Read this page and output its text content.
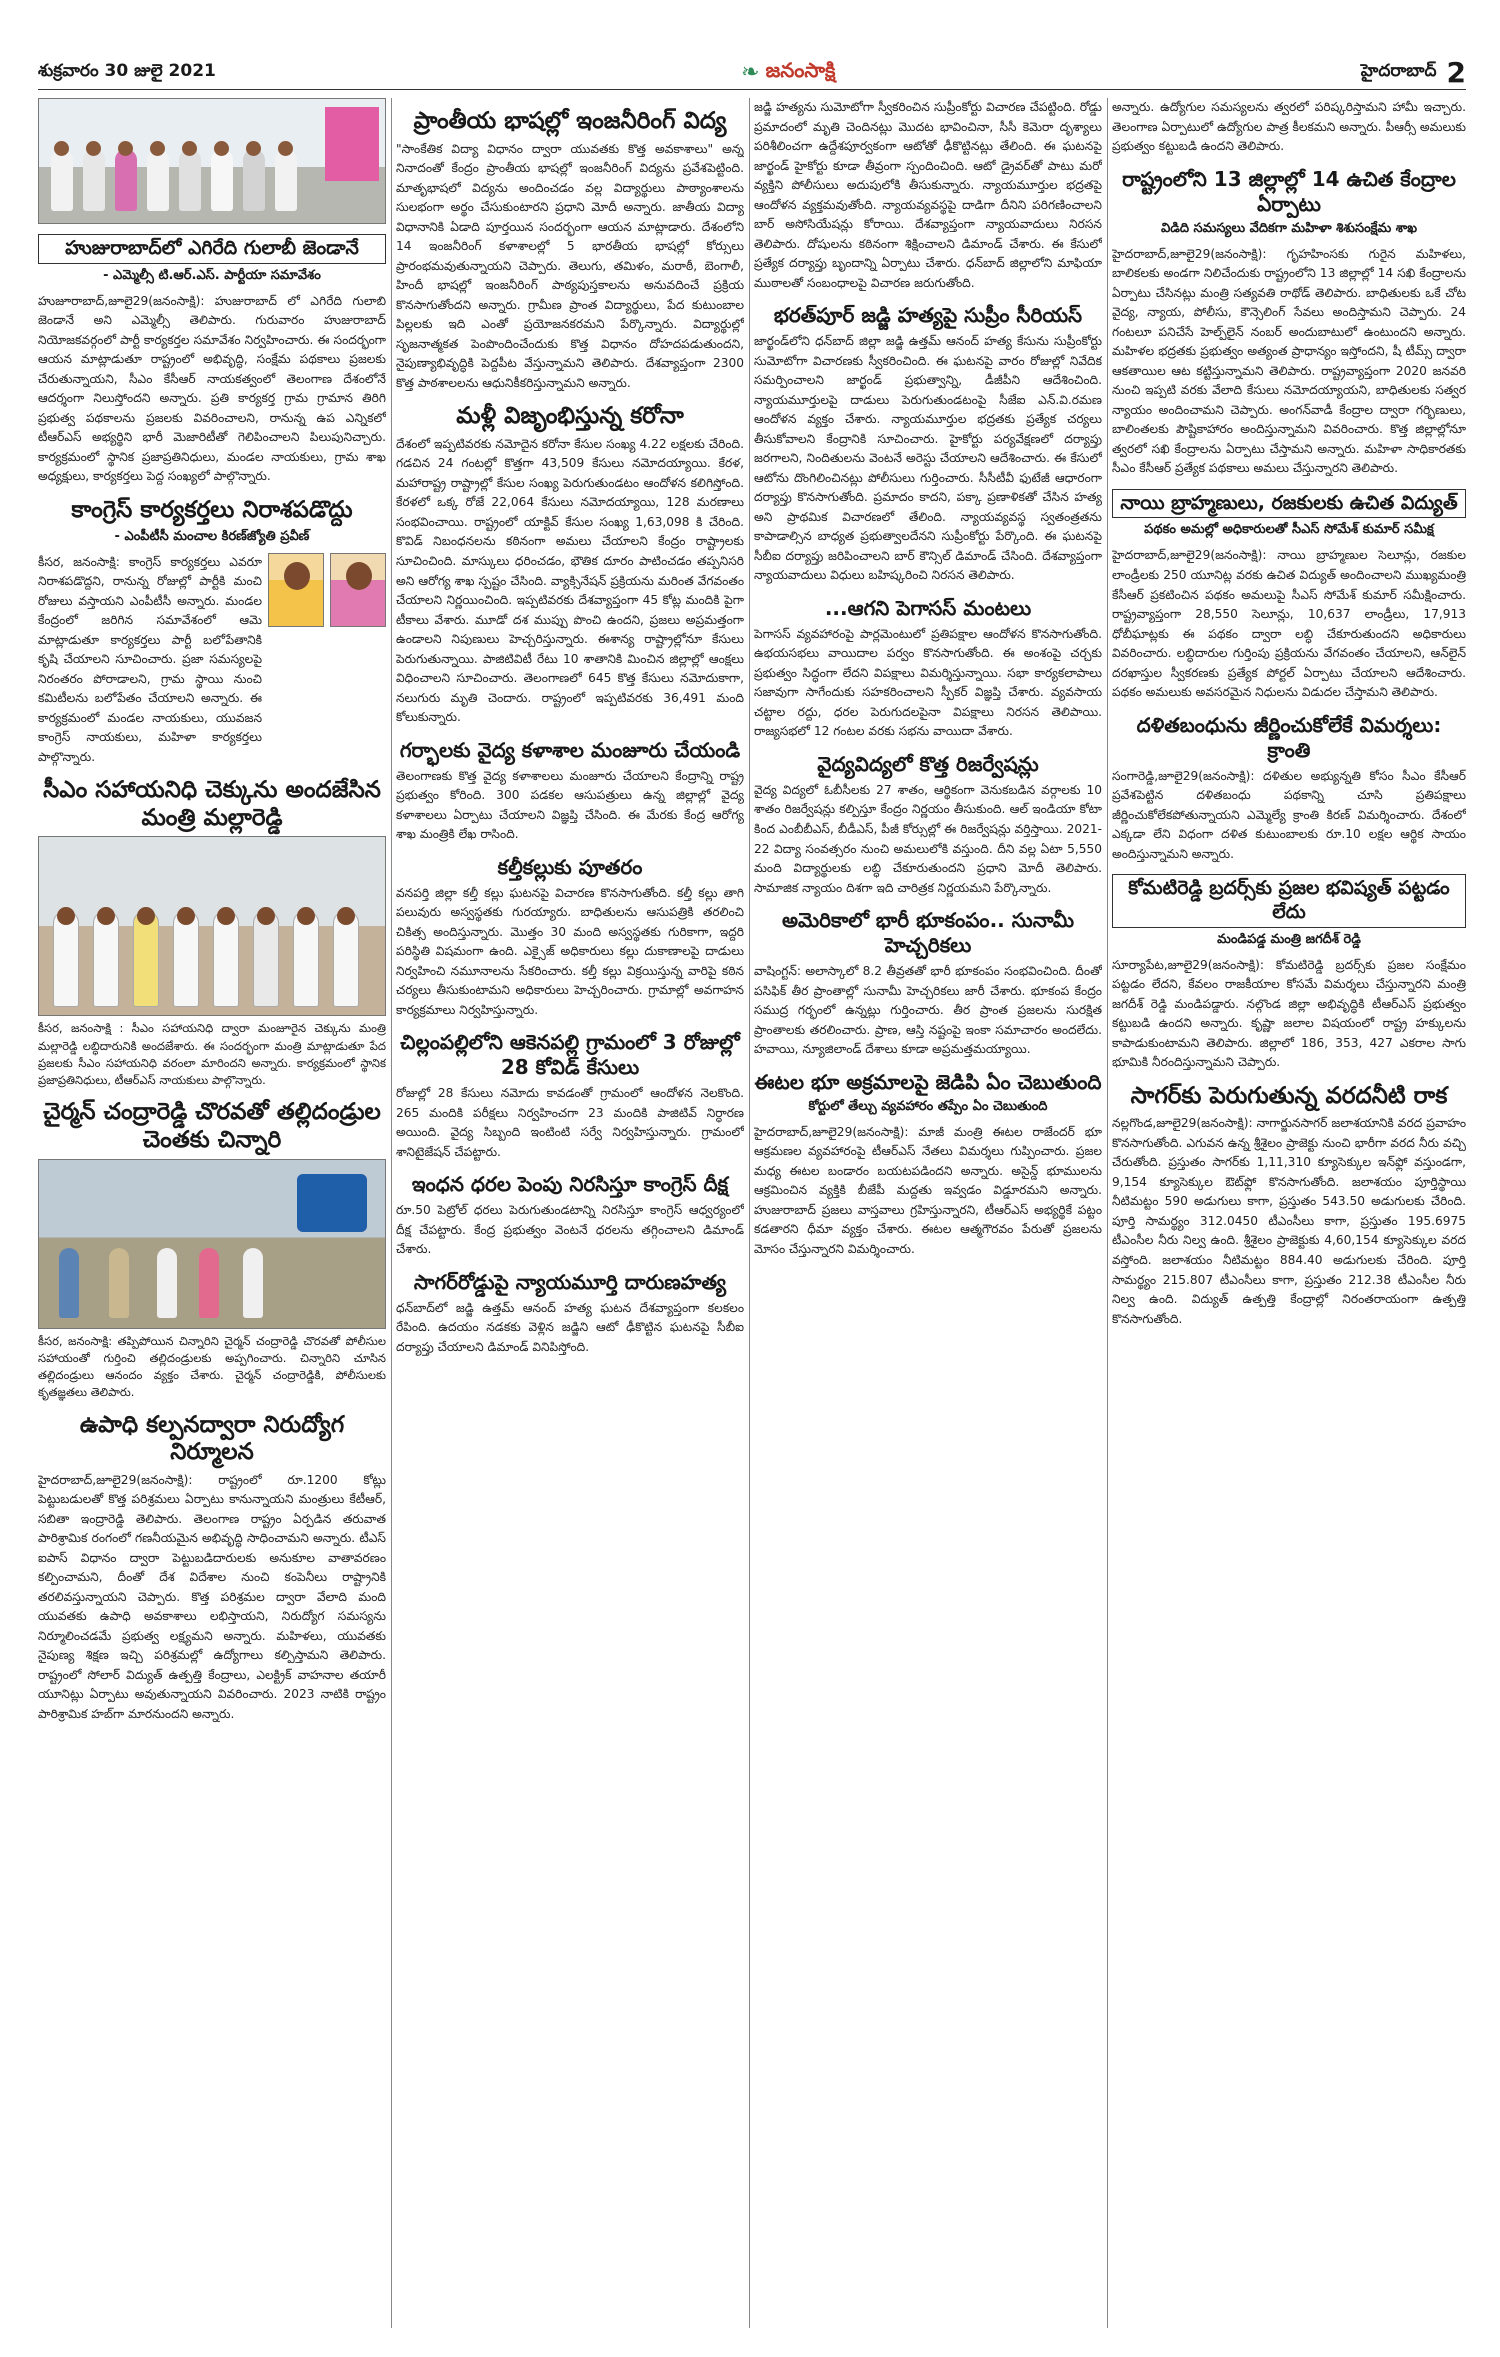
శుక్రవారం 30 జులై 2021	❧ జనంసాక్షి	హైదరాబాద్ 2
హుజురాబాద్‌లో ఎగిరేది గులాబీ జెండానే
- ఎమ్మెల్సీ టి.ఆర్.ఎస్. పార్టీయా సమావేశం
హుజూరాబాద్,జూలై29(జనంసాక్షి): హుజురాబాద్ లో ఎగిరేది గులాబి జెండానే అని ఎమ్మెల్సీ తెలిపారు. గురువారం హుజురాబాద్ నియోజకవర్గంలో పార్టీ కార్యకర్తల సమావేశం నిర్వహించారు. ఈ సందర్భంగా ఆయన మాట్లాడుతూ రాష్ట్రంలో అభివృద్ధి, సంక్షేమ పథకాలు ప్రజలకు చేరుతున్నాయని, సీఎం కేసీఆర్ నాయకత్వంలో తెలంగాణ దేశంలోనే ఆదర్శంగా నిలుస్తోందని అన్నారు. ప్రతి కార్యకర్త గ్రామ గ్రామాన తిరిగి ప్రభుత్వ పథకాలను ప్రజలకు వివరించాలని, రానున్న ఉప ఎన్నికలో టీఆర్ఎస్ అభ్యర్థిని భారీ మెజారిటీతో గెలిపించాలని పిలుపునిచ్చారు. కార్యక్రమంలో స్థానిక ప్రజాప్రతినిధులు, మండల నాయకులు, గ్రామ శాఖ అధ్యక్షులు, కార్యకర్తలు పెద్ద సంఖ్యలో పాల్గొన్నారు.
కాంగ్రెస్ కార్యకర్తలు నిరాశపడొద్దు
- ఎంపీటీసీ మంచాల కిరణ్‌జ్యోతి ప్రవీణ్
కీసర, జనంసాక్షి: కాంగ్రెస్ కార్యకర్తలు ఎవరూ నిరాశపడొద్దని, రానున్న రోజుల్లో పార్టీకి మంచి రోజులు వస్తాయని ఎంపీటీసీ అన్నారు. మండల కేంద్రంలో జరిగిన సమావేశంలో ఆమె మాట్లాడుతూ కార్యకర్తలు పార్టీ బలోపేతానికి కృషి చేయాలని సూచించారు. ప్రజా సమస్యలపై నిరంతరం పోరాడాలని, గ్రామ స్థాయి నుంచి కమిటీలను బలోపేతం చేయాలని అన్నారు. ఈ కార్యక్రమంలో మండల నాయకులు, యువజన కాంగ్రెస్ నాయకులు, మహిళా కార్యకర్తలు పాల్గొన్నారు.
సీఎం సహాయనిధి చెక్కును అందజేసిన మంత్రి మల్లారెడ్డి
కీసర, జనంసాక్షి : సీఎం సహాయనిధి ద్వారా మంజూరైన చెక్కును మంత్రి మల్లారెడ్డి లబ్ధిదారునికి అందజేశారు. ఈ సందర్భంగా మంత్రి మాట్లాడుతూ పేద ప్రజలకు సీఎం సహాయనిధి వరంలా మారిందని అన్నారు. కార్యక్రమంలో స్థానిక ప్రజాప్రతినిధులు, టీఆర్ఎస్ నాయకులు పాల్గొన్నారు.
చైర్మన్ చంద్రారెడ్డి చొరవతో తల్లిదండ్రుల చెంతకు చిన్నారి
కీసర, జనంసాక్షి: తప్పిపోయిన చిన్నారిని చైర్మన్ చంద్రారెడ్డి చొరవతో పోలీసుల సహాయంతో గుర్తించి తల్లిదండ్రులకు అప్పగించారు. చిన్నారిని చూసిన తల్లిదండ్రులు ఆనందం వ్యక్తం చేశారు. చైర్మన్ చంద్రారెడ్డికి, పోలీసులకు కృతజ్ఞతలు తెలిపారు.
ఉపాధి కల్పనద్వారా నిరుద్యోగ నిర్మూలన
హైదరాబాద్,జూలై29(జనంసాక్షి): రాష్ట్రంలో రూ.1200 కోట్లు పెట్టుబడులతో కొత్త పరిశ్రమలు ఏర్పాటు కానున్నాయని మంత్రులు కేటీఆర్, సబితా ఇంద్రారెడ్డి తెలిపారు. తెలంగాణ రాష్ట్రం ఏర్పడిన తరువాత పారిశ్రామిక రంగంలో గణనీయమైన అభివృద్ధి సాధించామని అన్నారు. టీఎస్ ఐపాస్ విధానం ద్వారా పెట్టుబడిదారులకు అనుకూల వాతావరణం కల్పించామని, దీంతో దేశ విదేశాల నుంచి కంపెనీలు రాష్ట్రానికి తరలివస్తున్నాయని చెప్పారు. కొత్త పరిశ్రమల ద్వారా వేలాది మంది యువతకు ఉపాధి అవకాశాలు లభిస్తాయని, నిరుద్యోగ సమస్యను నిర్మూలించడమే ప్రభుత్వ లక్ష్యమని అన్నారు. మహిళలు, యువతకు నైపుణ్య శిక్షణ ఇచ్చి పరిశ్రమల్లో ఉద్యోగాలు కల్పిస్తామని తెలిపారు. రాష్ట్రంలో సోలార్ విద్యుత్ ఉత్పత్తి కేంద్రాలు, ఎలక్ట్రిక్ వాహనాల తయారీ యూనిట్లు ఏర్పాటు అవుతున్నాయని వివరించారు. 2023 నాటికి రాష్ట్రం పారిశ్రామిక హబ్‌గా మారనుందని అన్నారు.
ప్రాంతీయ భాషల్లో ఇంజనీరింగ్ విద్య
"సాంకేతిక విద్యా విధానం ద్వారా యువతకు కొత్త అవకాశాలు" అన్న నినాదంతో కేంద్రం ప్రాంతీయ భాషల్లో ఇంజనీరింగ్ విద్యను ప్రవేశపెట్టింది. మాతృభాషలో విద్యను అందించడం వల్ల విద్యార్థులు పాఠ్యాంశాలను సులభంగా అర్థం చేసుకుంటారని ప్రధాని మోదీ అన్నారు. జాతీయ విద్యా విధానానికి ఏడాది పూర్తయిన సందర్భంగా ఆయన మాట్లాడారు. దేశంలోని 14 ఇంజనీరింగ్ కళాశాలల్లో 5 భారతీయ భాషల్లో కోర్సులు ప్రారంభమవుతున్నాయని చెప్పారు. తెలుగు, తమిళం, మరాఠీ, బెంగాలీ, హిందీ భాషల్లో ఇంజనీరింగ్ పాఠ్యపుస్తకాలను అనువదించే ప్రక్రియ కొనసాగుతోందని అన్నారు. గ్రామీణ ప్రాంత విద్యార్థులు, పేద కుటుంబాల పిల్లలకు ఇది ఎంతో ప్రయోజనకరమని పేర్కొన్నారు. విద్యార్థుల్లో సృజనాత్మకత పెంపొందించేందుకు కొత్త విధానం దోహదపడుతుందని, నైపుణ్యాభివృద్ధికి పెద్దపీట వేస్తున్నామని తెలిపారు. దేశవ్యాప్తంగా 2300 కొత్త పాఠశాలలను ఆధునికీకరిస్తున్నామని అన్నారు.
మళ్లీ విజృంభిస్తున్న కరోనా
దేశంలో ఇప్పటివరకు నమోదైన కరోనా కేసుల సంఖ్య 4.22 లక్షలకు చేరింది. గడచిన 24 గంటల్లో కొత్తగా 43,509 కేసులు నమోదయ్యాయి. కేరళ, మహారాష్ట్ర రాష్ట్రాల్లో కేసుల సంఖ్య పెరుగుతుండటం ఆందోళన కలిగిస్తోంది. కేరళలో ఒక్క రోజే 22,064 కేసులు నమోదయ్యాయి, 128 మరణాలు సంభవించాయి. రాష్ట్రంలో యాక్టివ్ కేసుల సంఖ్య 1,63,098 కి చేరింది. కొవిడ్ నిబంధనలను కఠినంగా అమలు చేయాలని కేంద్రం రాష్ట్రాలకు సూచించింది. మాస్కులు ధరించడం, భౌతిక దూరం పాటించడం తప్పనిసరి అని ఆరోగ్య శాఖ స్పష్టం చేసింది. వ్యాక్సినేషన్ ప్రక్రియను మరింత వేగవంతం చేయాలని నిర్ణయించింది. ఇప్పటివరకు దేశవ్యాప్తంగా 45 కోట్ల మందికి పైగా టీకాలు వేశారు. మూడో దశ ముప్పు పొంచి ఉందని, ప్రజలు అప్రమత్తంగా ఉండాలని నిపుణులు హెచ్చరిస్తున్నారు. ఈశాన్య రాష్ట్రాల్లోనూ కేసులు పెరుగుతున్నాయి. పాజిటివిటీ రేటు 10 శాతానికి మించిన జిల్లాల్లో ఆంక్షలు విధించాలని సూచించారు. తెలంగాణలో 645 కొత్త కేసులు నమోదుకాగా, నలుగురు మృతి చెందారు. రాష్ట్రంలో ఇప్పటివరకు 36,491 మంది కోలుకున్నారు.
గర్భాలకు వైద్య కళాశాల మంజూరు చేయండి
తెలంగాణకు కొత్త వైద్య కళాశాలలు మంజూరు చేయాలని కేంద్రాన్ని రాష్ట్ర ప్రభుత్వం కోరింది. 300 పడకల ఆసుపత్రులు ఉన్న జిల్లాల్లో వైద్య కళాశాలలు ఏర్పాటు చేయాలని విజ్ఞప్తి చేసింది. ఈ మేరకు కేంద్ర ఆరోగ్య శాఖ మంత్రికి లేఖ రాసింది.
కల్తీకల్లుకు పూతరం
వనపర్తి జిల్లా కల్తీ కల్లు ఘటనపై విచారణ కొనసాగుతోంది. కల్తీ కల్లు తాగి పలువురు అస్వస్థతకు గురయ్యారు. బాధితులను ఆసుపత్రికి తరలించి చికిత్స అందిస్తున్నారు. మొత్తం 30 మంది అస్వస్థతకు గురికాగా, ఇద్దరి పరిస్థితి విషమంగా ఉంది. ఎక్సైజ్ అధికారులు కల్లు దుకాణాలపై దాడులు నిర్వహించి నమూనాలను సేకరించారు. కల్తీ కల్లు విక్రయిస్తున్న వారిపై కఠిన చర్యలు తీసుకుంటామని అధికారులు హెచ్చరించారు. గ్రామాల్లో అవగాహన కార్యక్రమాలు నిర్వహిస్తున్నారు.
చిల్లంపల్లిలోని ఆకెనపల్లి గ్రామంలో 3 రోజుల్లో 28 కోవిడ్ కేసులు
రోజుల్లో 28 కేసులు నమోదు కావడంతో గ్రామంలో ఆందోళన నెలకొంది. 265 మందికి పరీక్షలు నిర్వహించగా 23 మందికి పాజిటివ్ నిర్ధారణ అయింది. వైద్య సిబ్బంది ఇంటింటి సర్వే నిర్వహిస్తున్నారు. గ్రామంలో శానిటైజేషన్ చేపట్టారు.
ఇంధన ధరల పెంపు నిరసిస్తూ కాంగ్రెస్ దీక్ష
రూ.50 పెట్రోల్ ధరలు పెరుగుతుండటాన్ని నిరసిస్తూ కాంగ్రెస్ ఆధ్వర్యంలో దీక్ష చేపట్టారు. కేంద్ర ప్రభుత్వం వెంటనే ధరలను తగ్గించాలని డిమాండ్ చేశారు.
సాగర్‌రోడ్డుపై న్యాయమూర్తి దారుణహత్య
ధన్‌బాద్‌లో జడ్జి ఉత్తమ్ ఆనంద్ హత్య ఘటన దేశవ్యాప్తంగా కలకలం రేపింది. ఉదయం నడకకు వెళ్లిన జడ్జిని ఆటో ఢీకొట్టిన ఘటనపై సీబీఐ దర్యాప్తు చేయాలని డిమాండ్ వినిపిస్తోంది.
జడ్జి హత్యను సుమోటోగా స్వీకరించిన సుప్రీంకోర్టు విచారణ చేపట్టింది. రోడ్డు ప్రమాదంలో మృతి చెందినట్లు మొదట భావించినా, సీసీ కెమెరా దృశ్యాలు పరిశీలించగా ఉద్దేశపూర్వకంగా ఆటోతో ఢీకొట్టినట్లు తేలింది. ఈ ఘటనపై జార్ఖండ్ హైకోర్టు కూడా తీవ్రంగా స్పందించింది. ఆటో డ్రైవర్‌తో పాటు మరో వ్యక్తిని పోలీసులు అదుపులోకి తీసుకున్నారు. న్యాయమూర్తుల భద్రతపై ఆందోళన వ్యక్తమవుతోంది. న్యాయవ్యవస్థపై దాడిగా దీనిని పరిగణించాలని బార్ అసోసియేషన్లు కోరాయి. దేశవ్యాప్తంగా న్యాయవాదులు నిరసన తెలిపారు. దోషులను కఠినంగా శిక్షించాలని డిమాండ్ చేశారు. ఈ కేసులో ప్రత్యేక దర్యాప్తు బృందాన్ని ఏర్పాటు చేశారు. ధన్‌బాద్ జిల్లాలోని మాఫియా ముఠాలతో సంబంధాలపై విచారణ జరుగుతోంది.
భరత్‌పూర్ జడ్జి హత్యపై సుప్రీం సీరియస్
జార్ఖండ్‌లోని ధన్‌బాద్ జిల్లా జడ్జి ఉత్తమ్ ఆనంద్ హత్య కేసును సుప్రీంకోర్టు సుమోటోగా విచారణకు స్వీకరించింది. ఈ ఘటనపై వారం రోజుల్లో నివేదిక సమర్పించాలని జార్ఖండ్ ప్రభుత్వాన్ని, డీజీపీని ఆదేశించింది. న్యాయమూర్తులపై దాడులు పెరుగుతుండటంపై సీజేఐ ఎన్.వి.రమణ ఆందోళన వ్యక్తం చేశారు. న్యాయమూర్తుల భద్రతకు ప్రత్యేక చర్యలు తీసుకోవాలని కేంద్రానికి సూచించారు. హైకోర్టు పర్యవేక్షణలో దర్యాప్తు జరగాలని, నిందితులను వెంటనే అరెస్టు చేయాలని ఆదేశించారు. ఈ కేసులో ఆటోను దొంగిలించినట్లు పోలీసులు గుర్తించారు. సీసీటీవీ ఫుటేజీ ఆధారంగా దర్యాప్తు కొనసాగుతోంది. ప్రమాదం కాదని, పక్కా ప్రణాళికతో చేసిన హత్య అని ప్రాథమిక విచారణలో తేలింది. న్యాయవ్యవస్థ స్వతంత్రతను కాపాడాల్సిన బాధ్యత ప్రభుత్వాలదేనని సుప్రీంకోర్టు పేర్కొంది. ఈ ఘటనపై సీబీఐ దర్యాప్తు జరిపించాలని బార్ కౌన్సిల్ డిమాండ్ చేసింది. దేశవ్యాప్తంగా న్యాయవాదులు విధులు బహిష్కరించి నిరసన తెలిపారు.
...ఆగని పెగాసస్ మంటలు
పెగాసస్ వ్యవహారంపై పార్లమెంటులో ప్రతిపక్షాల ఆందోళన కొనసాగుతోంది. ఉభయసభలు వాయిదాల పర్వం కొనసాగుతోంది. ఈ అంశంపై చర్చకు ప్రభుత్వం సిద్ధంగా లేదని విపక్షాలు విమర్శిస్తున్నాయి. సభా కార్యకలాపాలు సజావుగా సాగేందుకు సహకరించాలని స్పీకర్ విజ్ఞప్తి చేశారు. వ్యవసాయ చట్టాల రద్దు, ధరల పెరుగుదలపైనా విపక్షాలు నిరసన తెలిపాయి. రాజ్యసభలో 12 గంటల వరకు సభను వాయిదా వేశారు.
వైద్యవిద్యలో కొత్త రిజర్వేషన్లు
వైద్య విద్యలో ఓబీసీలకు 27 శాతం, ఆర్థికంగా వెనుకబడిన వర్గాలకు 10 శాతం రిజర్వేషన్లు కల్పిస్తూ కేంద్రం నిర్ణయం తీసుకుంది. ఆల్ ఇండియా కోటా కింద ఎంబీబీఎస్, బీడీఎస్, పీజీ కోర్సుల్లో ఈ రిజర్వేషన్లు వర్తిస్తాయి. 2021-22 విద్యా సంవత్సరం నుంచి అమలులోకి వస్తుంది. దీని వల్ల ఏటా 5,550 మంది విద్యార్థులకు లబ్ధి చేకూరుతుందని ప్రధాని మోదీ తెలిపారు. సామాజిక న్యాయం దిశగా ఇది చారిత్రక నిర్ణయమని పేర్కొన్నారు.
అమెరికాలో భారీ భూకంపం.. సునామీ హెచ్చరికలు
వాషింగ్టన్: అలాస్కాలో 8.2 తీవ్రతతో భారీ భూకంపం సంభవించింది. దీంతో పసిఫిక్ తీర ప్రాంతాల్లో సునామీ హెచ్చరికలు జారీ చేశారు. భూకంప కేంద్రం సముద్ర గర్భంలో ఉన్నట్లు గుర్తించారు. తీర ప్రాంత ప్రజలను సురక్షిత ప్రాంతాలకు తరలించారు. ప్రాణ, ఆస్తి నష్టంపై ఇంకా సమాచారం అందలేదు. హవాయి, న్యూజిలాండ్ దేశాలు కూడా అప్రమత్తమయ్యాయి.
ఈటల భూ అక్రమాలపై జెడిపి ఏం చెబుతుంది
కోర్టులో తేల్చు వ్యవహారం తప్పేం ఏం చెబుతుంది
హైదరాబాద్,జూలై29(జనంసాక్షి): మాజీ మంత్రి ఈటల రాజేందర్ భూ ఆక్రమణల వ్యవహారంపై టీఆర్ఎస్ నేతలు విమర్శలు గుప్పించారు. ప్రజల మధ్య ఈటల బండారం బయటపడిందని అన్నారు. అసైన్డ్ భూములను ఆక్రమించిన వ్యక్తికి బీజేపీ మద్దతు ఇవ్వడం విడ్డూరమని అన్నారు. హుజురాబాద్ ప్రజలు వాస్తవాలు గ్రహిస్తున్నారని, టీఆర్ఎస్ అభ్యర్థికే పట్టం కడతారని ధీమా వ్యక్తం చేశారు. ఈటల ఆత్మగౌరవం పేరుతో ప్రజలను మోసం చేస్తున్నారని విమర్శించారు.
అన్నారు. ఉద్యోగుల సమస్యలను త్వరలో పరిష్కరిస్తామని హామీ ఇచ్చారు. తెలంగాణ ఏర్పాటులో ఉద్యోగుల పాత్ర కీలకమని అన్నారు. పీఆర్సీ అమలుకు ప్రభుత్వం కట్టుబడి ఉందని తెలిపారు.
రాష్ట్రంలోని 13 జిల్లాల్లో 14 ఉచిత కేంద్రాల ఏర్పాటు
విడిది సమస్యలు వేదికగా మహిళా శిశుసంక్షేమ శాఖ
హైదరాబాద్,జూలై29(జనంసాక్షి): గృహహింసకు గురైన మహిళలు, బాలికలకు అండగా నిలిచేందుకు రాష్ట్రంలోని 13 జిల్లాల్లో 14 సఖి కేంద్రాలను ఏర్పాటు చేసినట్లు మంత్రి సత్యవతి రాథోడ్ తెలిపారు. బాధితులకు ఒకే చోట వైద్య, న్యాయ, పోలీసు, కౌన్సెలింగ్ సేవలు అందిస్తామని చెప్పారు. 24 గంటలూ పనిచేసే హెల్ప్‌లైన్ నంబర్ అందుబాటులో ఉంటుందని అన్నారు. మహిళల భద్రతకు ప్రభుత్వం అత్యంత ప్రాధాన్యం ఇస్తోందని, షీ టీమ్స్ ద్వారా ఆకతాయిల ఆట కట్టిస్తున్నామని తెలిపారు. రాష్ట్రవ్యాప్తంగా 2020 జనవరి నుంచి ఇప్పటి వరకు వేలాది కేసులు నమోదయ్యాయని, బాధితులకు సత్వర న్యాయం అందించామని చెప్పారు. అంగన్‌వాడీ కేంద్రాల ద్వారా గర్భిణులు, బాలింతలకు పౌష్టికాహారం అందిస్తున్నామని వివరించారు. కొత్త జిల్లాల్లోనూ త్వరలో సఖి కేంద్రాలను ఏర్పాటు చేస్తామని అన్నారు. మహిళా సాధికారతకు సీఎం కేసీఆర్ ప్రత్యేక పథకాలు అమలు చేస్తున్నారని తెలిపారు.
నాయి బ్రాహ్మణులు, రజకులకు ఉచిత విద్యుత్
పథకం అమల్లో అధికారులతో సీఎస్ సోమేశ్ కుమార్ సమీక్ష
హైదరాబాద్,జూలై29(జనంసాక్షి): నాయి బ్రాహ్మణుల సెలూన్లు, రజకుల లాండ్రీలకు 250 యూనిట్ల వరకు ఉచిత విద్యుత్ అందించాలని ముఖ్యమంత్రి కేసీఆర్ ప్రకటించిన పథకం అమలుపై సీఎస్ సోమేశ్ కుమార్ సమీక్షించారు. రాష్ట్రవ్యాప్తంగా 28,550 సెలూన్లు, 10,637 లాండ్రీలు, 17,913 ధోబీఘాట్లకు ఈ పథకం ద్వారా లబ్ధి చేకూరుతుందని అధికారులు వివరించారు. లబ్ధిదారుల గుర్తింపు ప్రక్రియను వేగవంతం చేయాలని, ఆన్‌లైన్ దరఖాస్తుల స్వీకరణకు ప్రత్యేక పోర్టల్ ఏర్పాటు చేయాలని ఆదేశించారు. పథకం అమలుకు అవసరమైన నిధులను విడుదల చేస్తామని తెలిపారు.
దళితబంధును జీర్ణించుకోలేకే విమర్శలు: క్రాంతి
సంగారెడ్డి,జూలై29(జనంసాక్షి): దళితుల అభ్యున్నతి కోసం సీఎం కేసీఆర్ ప్రవేశపెట్టిన దళితబంధు పథకాన్ని చూసి ప్రతిపక్షాలు జీర్ణించుకోలేకపోతున్నాయని ఎమ్మెల్యే క్రాంతి కిరణ్ విమర్శించారు. దేశంలో ఎక్కడా లేని విధంగా దళిత కుటుంబాలకు రూ.10 లక్షల ఆర్థిక సాయం అందిస్తున్నామని అన్నారు.
కోమటిరెడ్డి బ్రదర్స్‌కు ప్రజల భవిష్యత్‌ పట్టడం లేదు
మండిపడ్డ మంత్రి జగదీశ్ రెడ్డి
సూర్యాపేట,జూలై29(జనంసాక్షి): కోమటిరెడ్డి బ్రదర్స్‌కు ప్రజల సంక్షేమం పట్టడం లేదని, కేవలం రాజకీయాల కోసమే విమర్శలు చేస్తున్నారని మంత్రి జగదీశ్ రెడ్డి మండిపడ్డారు. నల్గొండ జిల్లా అభివృద్ధికి టీఆర్ఎస్ ప్రభుత్వం కట్టుబడి ఉందని అన్నారు. కృష్ణా జలాల విషయంలో రాష్ట్ర హక్కులను కాపాడుకుంటామని తెలిపారు. జిల్లాలో 186, 353, 427 ఎకరాల సాగు భూమికి నీరందిస్తున్నామని చెప్పారు.
సాగర్‌కు పెరుగుతున్న వరదనీటి రాక
నల్లగొండ,జూలై29(జనంసాక్షి): నాగార్జునసాగర్ జలాశయానికి వరద ప్రవాహం కొనసాగుతోంది. ఎగువన ఉన్న శ్రీశైలం ప్రాజెక్టు నుంచి భారీగా వరద నీరు వచ్చి చేరుతోంది. ప్రస్తుతం సాగర్‌కు 1,11,310 క్యూసెక్కుల ఇన్‌ఫ్లో వస్తుండగా, 9,154 క్యూసెక్కుల ఔట్‌ఫ్లో కొనసాగుతోంది. జలాశయం పూర్తిస్థాయి నీటిమట్టం 590 అడుగులు కాగా, ప్రస్తుతం 543.50 అడుగులకు చేరింది. పూర్తి సామర్థ్యం 312.0450 టీఎంసీలు కాగా, ప్రస్తుతం 195.6975 టీఎంసీల నీరు నిల్వ ఉంది. శ్రీశైలం ప్రాజెక్టుకు 4,60,154 క్యూసెక్కుల వరద వస్తోంది. జలాశయం నీటిమట్టం 884.40 అడుగులకు చేరింది. పూర్తి సామర్థ్యం 215.807 టీఎంసీలు కాగా, ప్రస్తుతం 212.38 టీఎంసీల నీరు నిల్వ ఉంది. విద్యుత్ ఉత్పత్తి కేంద్రాల్లో నిరంతరాయంగా ఉత్పత్తి కొనసాగుతోంది.
